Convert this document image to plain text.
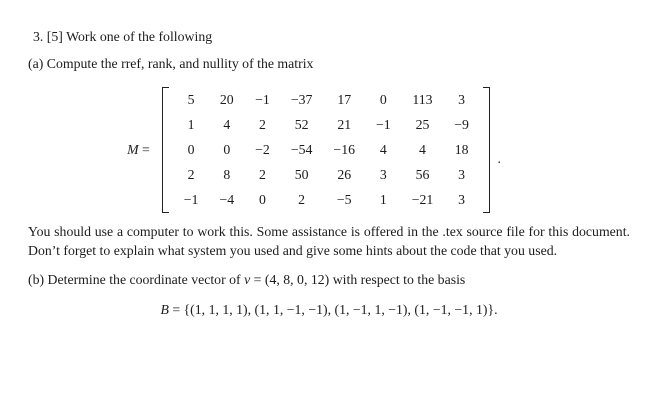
3. [5] Work one of the following

(a) Compute the rref, rank, and nullity of the matrix

M =
5	20	−1	−37	17	0	113	3
1	4	2	52	21	−1	25	−9
0	0	−2	−54	−16	4	4	18
2	8	2	50	26	3	56	3
−1	−4	0	2	−5	1	−21	3
.

You should use a computer to work this. Some assistance is offered in the .tex source file for this document. Don’t forget to explain what system you used and give some hints about the code that you used.

(b) Determine the coordinate vector of v = (4, 8, 0, 12) with respect to the basis

B = {(1, 1, 1, 1), (1, 1, −1, −1), (1, −1, 1, −1), (1, −1, −1, 1)}.
